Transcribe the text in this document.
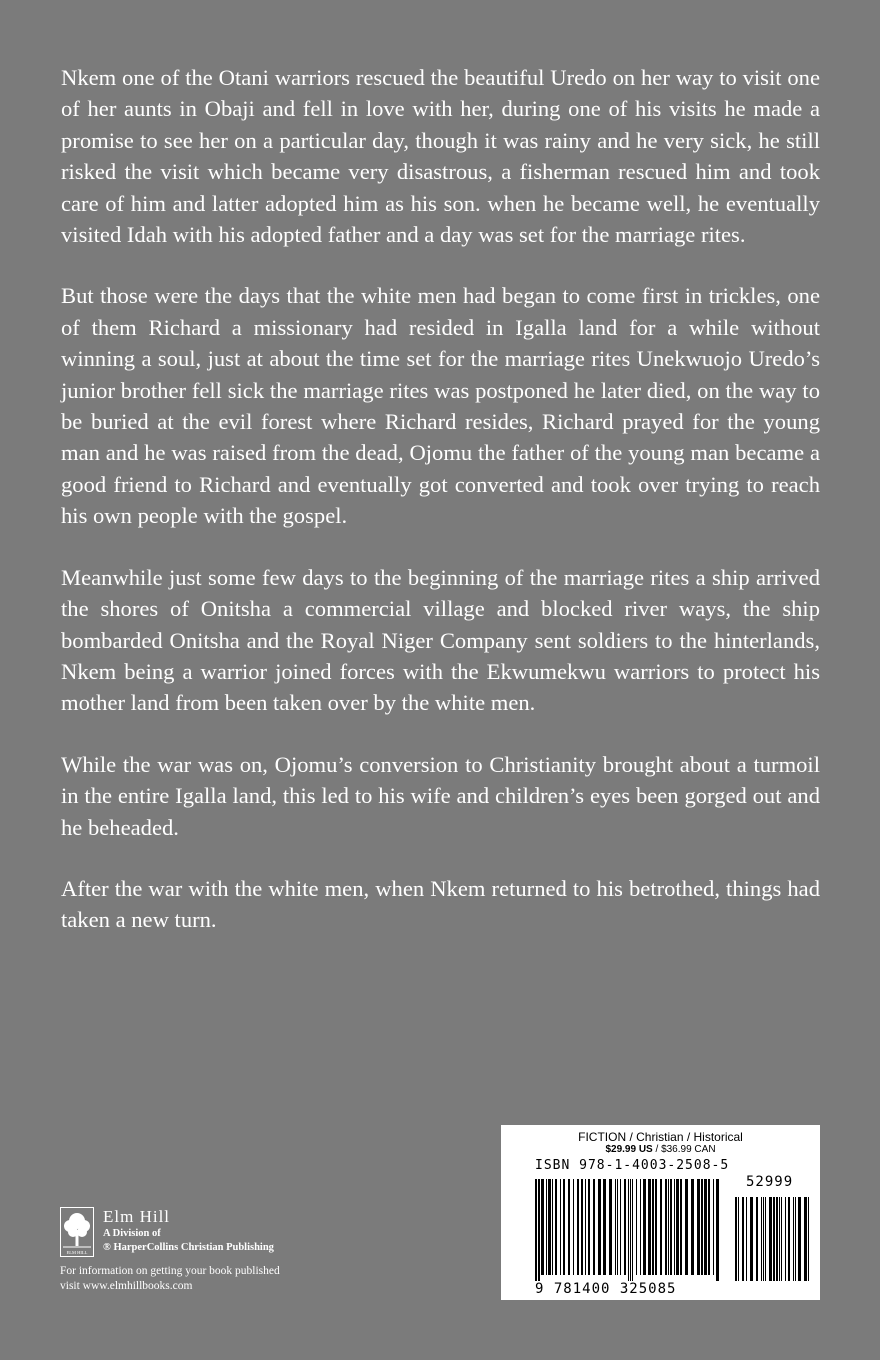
Nkem one of the Otani warriors rescued the beautiful Uredo on her way to visit one of her aunts in Obaji and fell in love with her, during one of his visits he made a promise to see her on a particular day, though it was rainy and he very sick, he still risked the visit which became very disastrous, a fisherman rescued him and took care of him and latter adopted him as his son. when he became well, he eventually visited Idah with his adopted father and a day was set for the marriage rites.

But those were the days that the white men had began to come first in trickles, one of them Richard a missionary had resided in Igalla land for a while without winning a soul, just at about the time set for the marriage rites Unekwuojo Uredo’s junior brother fell sick the marriage rites was postponed he later died, on the way to be buried at the evil forest where Richard resides, Richard prayed for the young man and he was raised from the dead, Ojomu the father of the young man became a good friend to Richard and eventually got converted and took over trying to reach his own people with the gospel.

Meanwhile just some few days to the beginning of the marriage rites a ship arrived the shores of Onitsha a commercial village and blocked river ways, the ship bombarded Onitsha and the Royal Niger Company sent soldiers to the hinterlands, Nkem being a warrior joined forces with the Ekwumekwu warriors to protect his mother land from been taken over by the white men.

While the war was on, Ojomu’s conversion to Christianity brought about a turmoil in the entire Igalla land, this led to his wife and children’s eyes been gorged out and he beheaded.

After the war with the white men, when Nkem returned to his betrothed, things had taken a new turn.

ELM HILL
Elm Hill
A Division of
® HarperCollins Christian Publishing
For information on getting your book published
visit www.elmhillbooks.com
FICTION / Christian / Historical
$29.99 US / $36.99 CAN
ISBN 978-1-4003-2508-5
52999
9 781400 325085
